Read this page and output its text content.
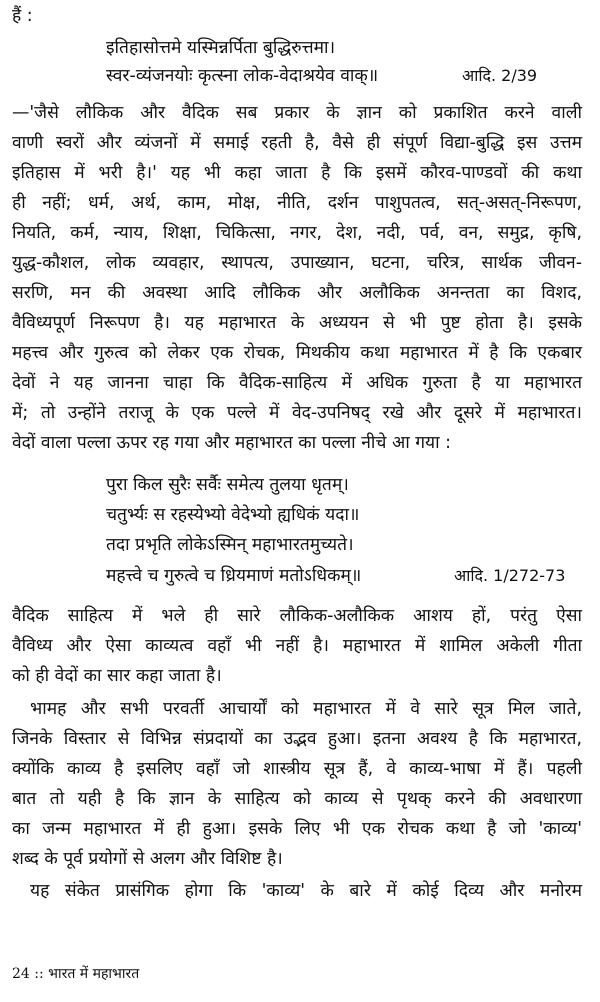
हैं :
इतिहासोत्तमे यस्मिन्नर्पिता बुद्धिरुत्तमा।
स्वर-व्यंजनयोः कृत्स्ना लोक-वेदाश्रयेव वाक्॥	आदि. 2/39
—'जैसे लौकिक और वैदिक सब प्रकार के ज्ञान को प्रकाशित करने वाली
वाणी स्वरों और व्यंजनों में समाई रहती है, वैसे ही संपूर्ण विद्या-बुद्धि इस उत्तम
इतिहास में भरी है।' यह भी कहा जाता है कि इसमें कौरव-पाण्डवों की कथा
ही नहीं; धर्म, अर्थ, काम, मोक्ष, नीति, दर्शन पाशुपतत्व, सत्-असत्-निरूपण,
नियति, कर्म, न्याय, शिक्षा, चिकित्सा, नगर, देश, नदी, पर्व, वन, समुद्र, कृषि,
युद्ध-कौशल, लोक व्यवहार, स्थापत्य, उपाख्यान, घटना, चरित्र, सार्थक जीवन-
सरणि, मन की अवस्था आदि लौकिक और अलौकिक अनन्तता का विशद,
वैविध्यपूर्ण निरूपण है। यह महाभारत के अध्ययन से भी पुष्ट होता है। इसके
महत्त्व और गुरुत्व को लेकर एक रोचक, मिथकीय कथा महाभारत में है कि एकबार
देवों ने यह जानना चाहा कि वैदिक-साहित्य में अधिक गुरुता है या महाभारत
में; तो उन्होंने तराजू के एक पल्ले में वेद-उपनिषद् रखे और दूसरे में महाभारत।
वेदों वाला पल्ला ऊपर रह गया और महाभारत का पल्ला नीचे आ गया :
पुरा किल सुरैः सर्वैः समेत्य तुलया धृतम्।
चतुर्भ्यः स रहस्येभ्यो वेदेभ्यो ह्यधिकं यदा॥
तदा प्रभृति लोकेऽस्मिन् महाभारतमुच्यते।
महत्त्वे च गुरुत्वे च ध्रियमाणं मतोऽधिकम्॥	आदि. 1/272-73
वैदिक साहित्य में भले ही सारे लौकिक-अलौकिक आशय हों, परंतु ऐसा
वैविध्य और ऐसा काव्यत्व वहाँ भी नहीं है। महाभारत में शामिल अकेली गीता
को ही वेदों का सार कहा जाता है।
भामह और सभी परवर्ती आचार्यों को महाभारत में वे सारे सूत्र मिल जाते,
जिनके विस्तार से विभिन्न संप्रदायों का उद्भव हुआ। इतना अवश्य है कि महाभारत,
क्योंकि काव्य है इसलिए वहाँ जो शास्त्रीय सूत्र हैं, वे काव्य-भाषा में हैं। पहली
बात तो यही है कि ज्ञान के साहित्य को काव्य से पृथक् करने की अवधारणा
का जन्म महाभारत में ही हुआ। इसके लिए भी एक रोचक कथा है जो 'काव्य'
शब्द के पूर्व प्रयोगों से अलग और विशिष्ट है।
यह संकेत प्रासंगिक होगा कि 'काव्य' के बारे में कोई दिव्य और मनोरम
24 :: भारत में महाभारत
